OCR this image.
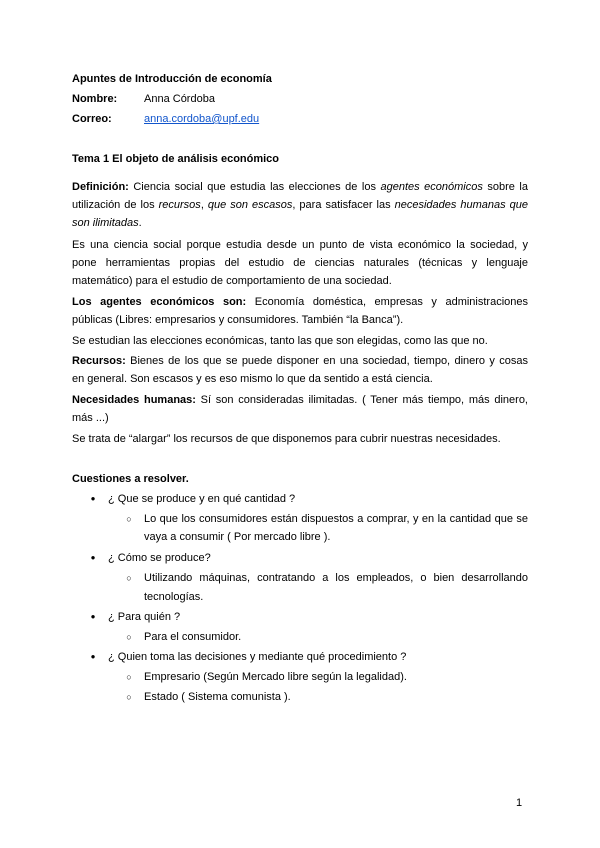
Apuntes de Introducción de economía
Nombre: Anna Córdoba
Correo:	anna.cordoba@upf.edu
Tema 1 El objeto de análisis económico
Definición: Ciencia social que estudia las elecciones de los agentes económicos sobre la
utilización de los recursos, que son escasos, para satisfacer las necesidades humanas que
son ilimitadas.
Es una ciencia social porque estudia desde un punto de vista económico la sociedad, y
pone herramientas propias del estudio de ciencias naturales (técnicas y lenguaje
matemático) para el estudio de comportamiento de una sociedad.
Los agentes económicos son: Economía doméstica, empresas y administraciones
públicas (Libres: empresarios y consumidores. También “la Banca”).
Se estudian las elecciones económicas, tanto las que son elegidas, como las que no.
Recursos: Bienes de los que se puede disponer en una sociedad, tiempo, dinero y cosas
en general. Son escasos y es eso mismo lo que da sentido a está ciencia.
Necesidades humanas: Sí son consideradas ilimitadas. ( Tener más tiempo, más dinero,
más ...)
Se trata de “alargar” los recursos de que disponemos para cubrir nuestras necesidades.
Cuestiones a resolver.
● ¿ Que se produce y en qué cantidad ?
○ Lo que los consumidores están dispuestos a comprar, y en la cantidad que se
vaya a consumir ( Por mercado libre ).
● ¿ Cómo se produce?
○ Utilizando máquinas, contratando a los empleados, o bien desarrollando
tecnologías.
● ¿ Para quién ?
○ Para el consumidor.
● ¿ Quien toma las decisiones y mediante qué procedimiento ?
○ Empresario (Según Mercado libre según la legalidad).
○ Estado ( Sistema comunista ).
1
